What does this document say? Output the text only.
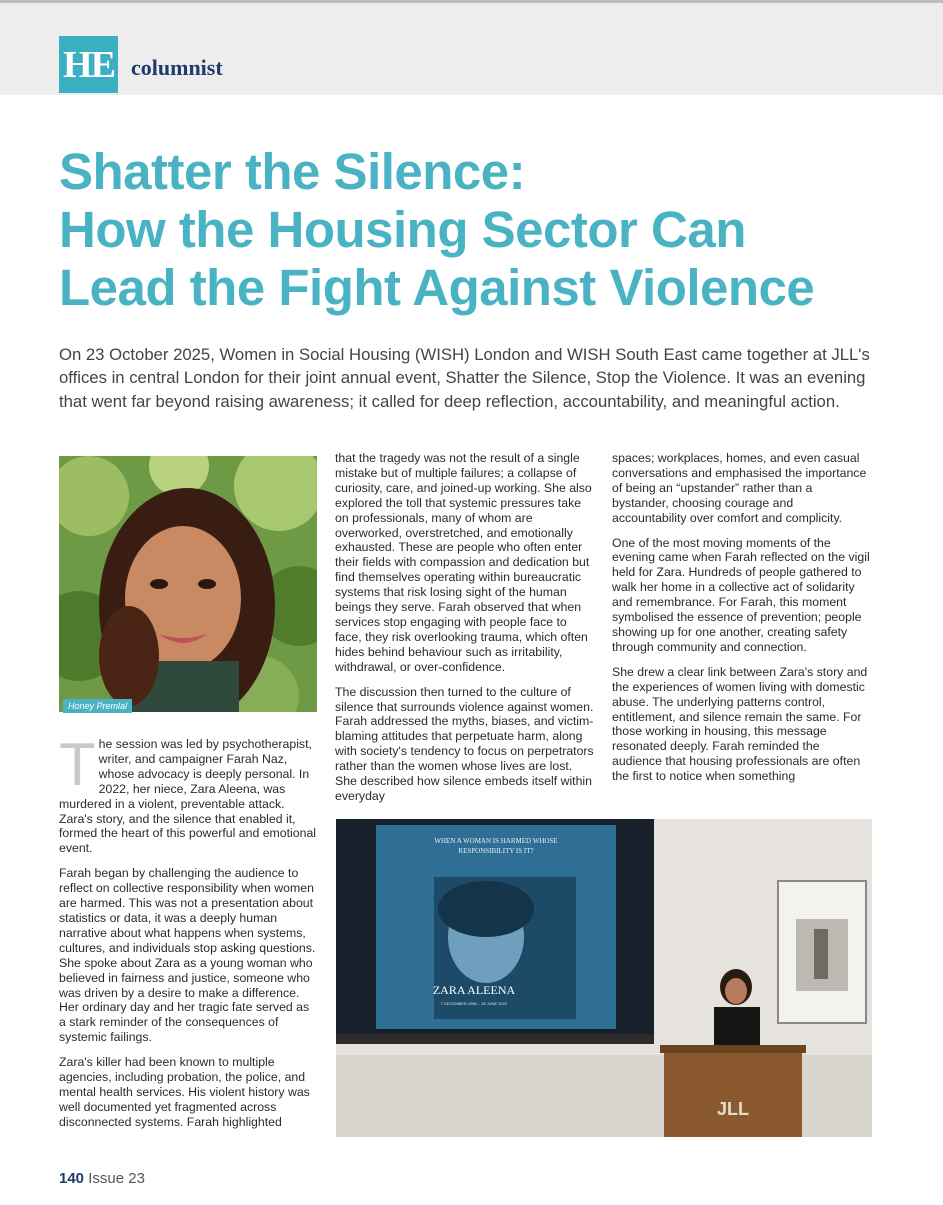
HE columnist
Shatter the Silence:
How the Housing Sector Can
Lead the Fight Against Violence

On 23 October 2025, Women in Social Housing (WISH) London and WISH South East came together at JLL's offices in central London for their joint annual event, Shatter the Silence, Stop the Violence. It was an evening that went far beyond raising awareness; it called for deep reflection, accountability, and meaningful action.

Honey Premlal

The session was led by psychotherapist, writer, and campaigner Farah Naz, whose advocacy is deeply personal. In 2022, her niece, Zara Aleena, was murdered in a violent, preventable attack. Zara's story, and the silence that enabled it, formed the heart of this powerful and emotional event.

Farah began by challenging the audience to reflect on collective responsibility when women are harmed. This was not a presentation about statistics or data, it was a deeply human narrative about what happens when systems, cultures, and individuals stop asking questions. She spoke about Zara as a young woman who believed in fairness and justice, someone who was driven by a desire to make a difference. Her ordinary day and her tragic fate served as a stark reminder of the consequences of systemic failings.

Zara's killer had been known to multiple agencies, including probation, the police, and mental health services. His violent history was well documented yet fragmented across disconnected systems. Farah highlighted

that the tragedy was not the result of a single mistake but of multiple failures; a collapse of curiosity, care, and joined-up working. She also explored the toll that systemic pressures take on professionals, many of whom are overworked, overstretched, and emotionally exhausted. These are people who often enter their fields with compassion and dedication but find themselves operating within bureaucratic systems that risk losing sight of the human beings they serve. Farah observed that when services stop engaging with people face to face, they risk overlooking trauma, which often hides behind behaviour such as irritability, withdrawal, or over-confidence.

The discussion then turned to the culture of silence that surrounds violence against women. Farah addressed the myths, biases, and victim-blaming attitudes that perpetuate harm, along with society's tendency to focus on perpetrators rather than the women whose lives are lost. She described how silence embeds itself within everyday

spaces; workplaces, homes, and even casual conversations and emphasised the importance of being an “upstander” rather than a bystander, choosing courage and accountability over comfort and complicity.

One of the most moving moments of the evening came when Farah reflected on the vigil held for Zara. Hundreds of people gathered to walk her home in a collective act of solidarity and remembrance. For Farah, this moment symbolised the essence of prevention; people showing up for one another, creating safety through community and connection.

She drew a clear link between Zara's story and the experiences of women living with domestic abuse. The underlying patterns control, entitlement, and silence remain the same. For those working in housing, this message resonated deeply. Farah reminded the audience that housing professionals are often the first to notice when something

WHEN A WOMAN IS HARMED WHOSE
RESPONSIBILITY IS IT?
ZARA ALEENA
7 DECEMBER 1986 – 26 JUNE 2022
JLL
140 Issue 23
